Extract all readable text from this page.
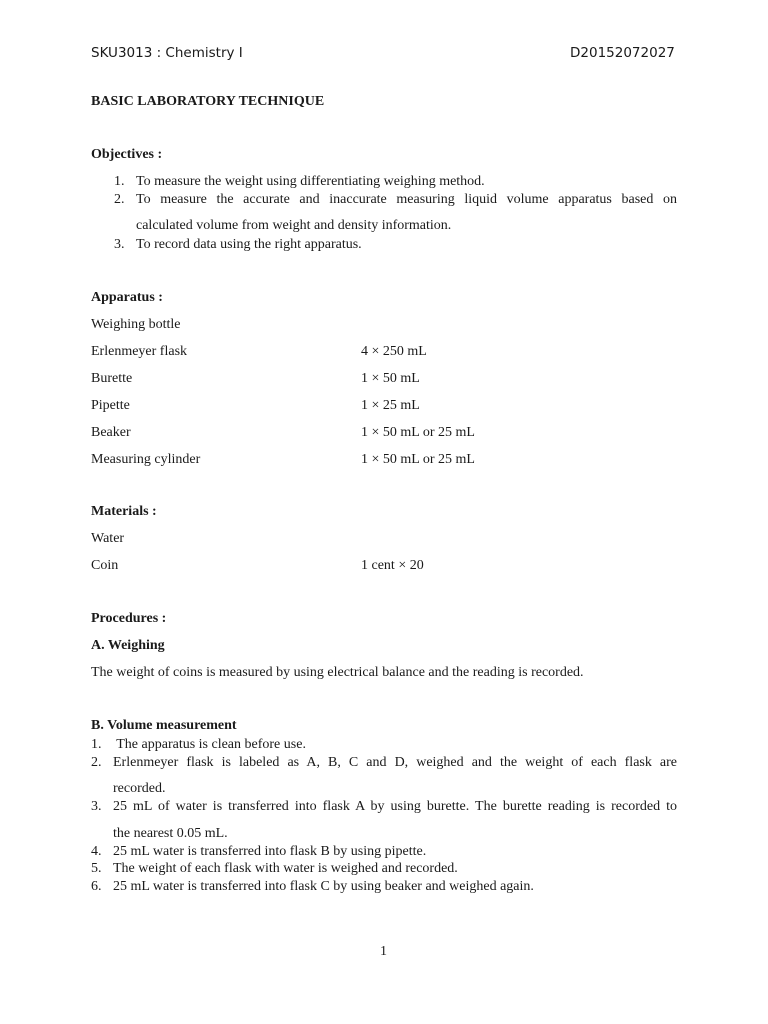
SKU3013 : Chemistry I	D20152072027
BASIC LABORATORY TECHNIQUE
Objectives :
1. To measure the weight using differentiating weighing method.
2. To measure the accurate and inaccurate measuring liquid volume apparatus based on
calculated volume from weight and density information.
3. To record data using the right apparatus.
Apparatus :
Weighing bottle
Erlenmeyer flask	4 × 250 mL
Burette	1 × 50 mL
Pipette	1 × 25 mL
Beaker	1 × 50 mL or 25 mL
Measuring cylinder	1 × 50 mL or 25 mL
Materials :
Water
Coin	1 cent × 20
Procedures :
A. Weighing
The weight of coins is measured by using electrical balance and the reading is recorded.
B. Volume measurement
1. The apparatus is clean before use.
2. Erlenmeyer flask is labeled as A, B, C and D, weighed and the weight of each flask are
recorded.
3. 25 mL of water is transferred into flask A by using burette. The burette reading is recorded to
the nearest 0.05 mL.
4. 25 mL water is transferred into flask B by using pipette.
5. The weight of each flask with water is weighed and recorded.
6. 25 mL water is transferred into flask C by using beaker and weighed again.
1
